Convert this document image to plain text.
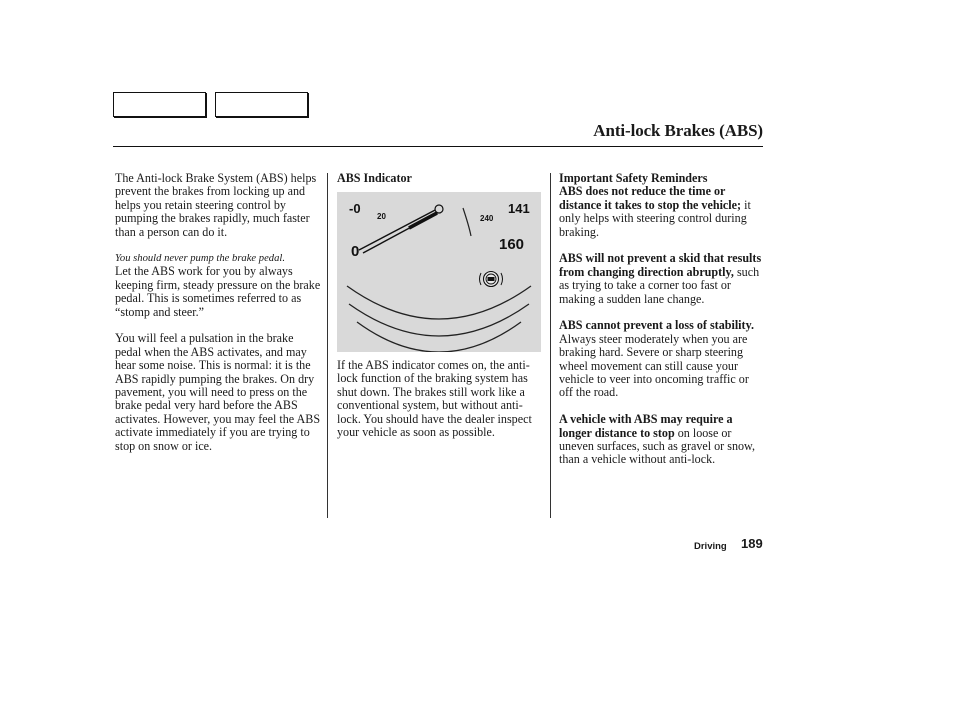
Anti-lock Brakes (ABS)

The Anti-lock Brake System (ABS) helps prevent the brakes from locking up and helps you retain steering control by pumping the brakes rapidly, much faster than a person can do it.

You should never pump the brake pedal.

Let the ABS work for you by always keeping firm, steady pressure on the brake pedal. This is sometimes referred to as “stomp and steer.”

You will feel a pulsation in the brake pedal when the ABS activates, and may hear some noise. This is normal: it is the ABS rapidly pumping the brakes. On dry pavement, you will need to press on the brake pedal very hard before the ABS activates. However, you may feel the ABS activate immediately if you are trying to stop on snow or ice.

ABS Indicator

-0
20	240
141
160
0

If the ABS indicator comes on, the anti-lock function of the braking system has shut down. The brakes still work like a conventional system, but without anti-lock. You should have the dealer inspect your vehicle as soon as possible.

Important Safety Reminders

ABS does not reduce the time or distance it takes to stop the vehicle; it only helps with steering control during braking.

ABS will not prevent a skid that results from changing direction abruptly, such as trying to take a corner too fast or making a sudden lane change.

ABS cannot prevent a loss of stability. Always steer moderately when you are braking hard. Severe or sharp steering wheel movement can still cause your vehicle to veer into oncoming traffic or off the road.

A vehicle with ABS may require a longer distance to stop on loose or uneven surfaces, such as gravel or snow, than a vehicle without anti-lock.

Driving 189
